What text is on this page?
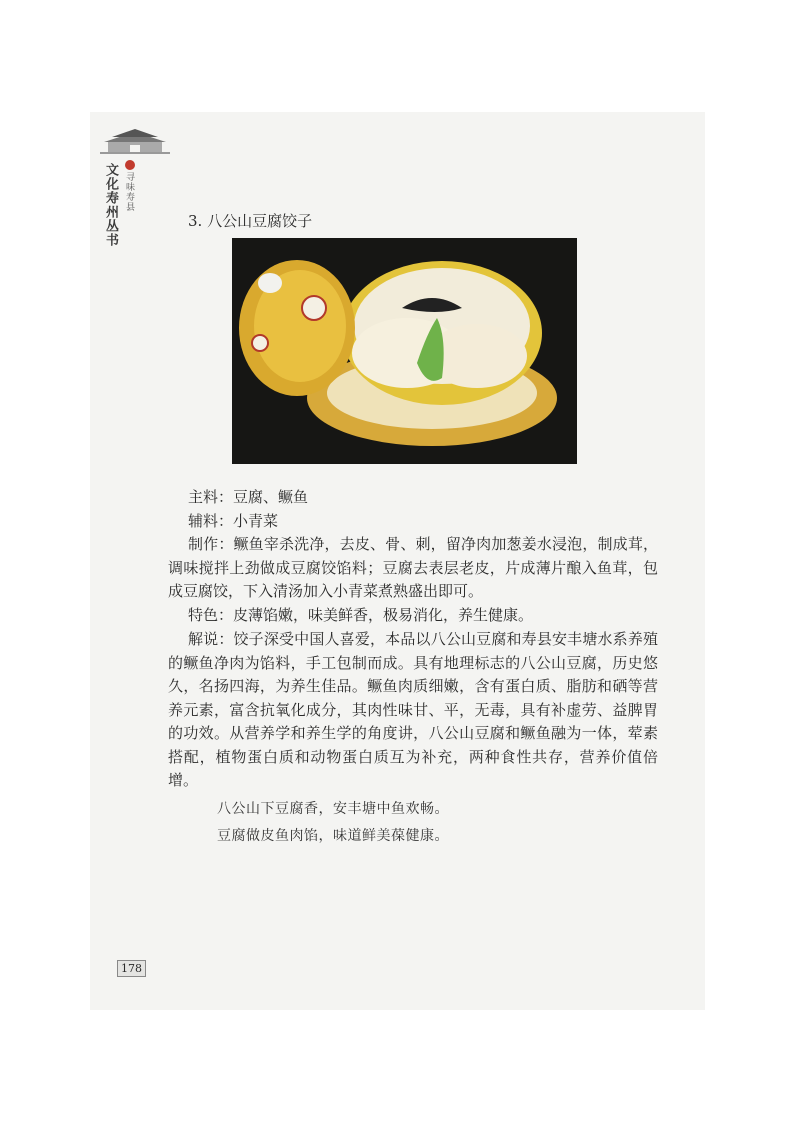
文化寿州丛书 寻味寿县
3. 八公山豆腐饺子
主料：豆腐、鳜鱼
辅料：小青菜
制作：鳜鱼宰杀洗净，去皮、骨、刺，留净肉加葱姜水浸泡，制成茸，调味搅拌上劲做成豆腐饺馅料；豆腐去表层老皮，片成薄片酿入鱼茸，包成豆腐饺，下入清汤加入小青菜煮熟盛出即可。
特色：皮薄馅嫩，味美鲜香，极易消化，养生健康。
解说：饺子深受中国人喜爱，本品以八公山豆腐和寿县安丰塘水系养殖的鳜鱼净肉为馅料，手工包制而成。具有地理标志的八公山豆腐，历史悠久，名扬四海，为养生佳品。鳜鱼肉质细嫩，含有蛋白质、脂肪和硒等营养元素，富含抗氧化成分，其肉性味甘、平，无毒，具有补虚劳、益脾胃的功效。从营养学和养生学的角度讲，八公山豆腐和鳜鱼融为一体，荤素搭配，植物蛋白质和动物蛋白质互为补充，两种食性共存，营养价值倍增。
八公山下豆腐香，安丰塘中鱼欢畅。
豆腐做皮鱼肉馅，味道鲜美葆健康。
178
